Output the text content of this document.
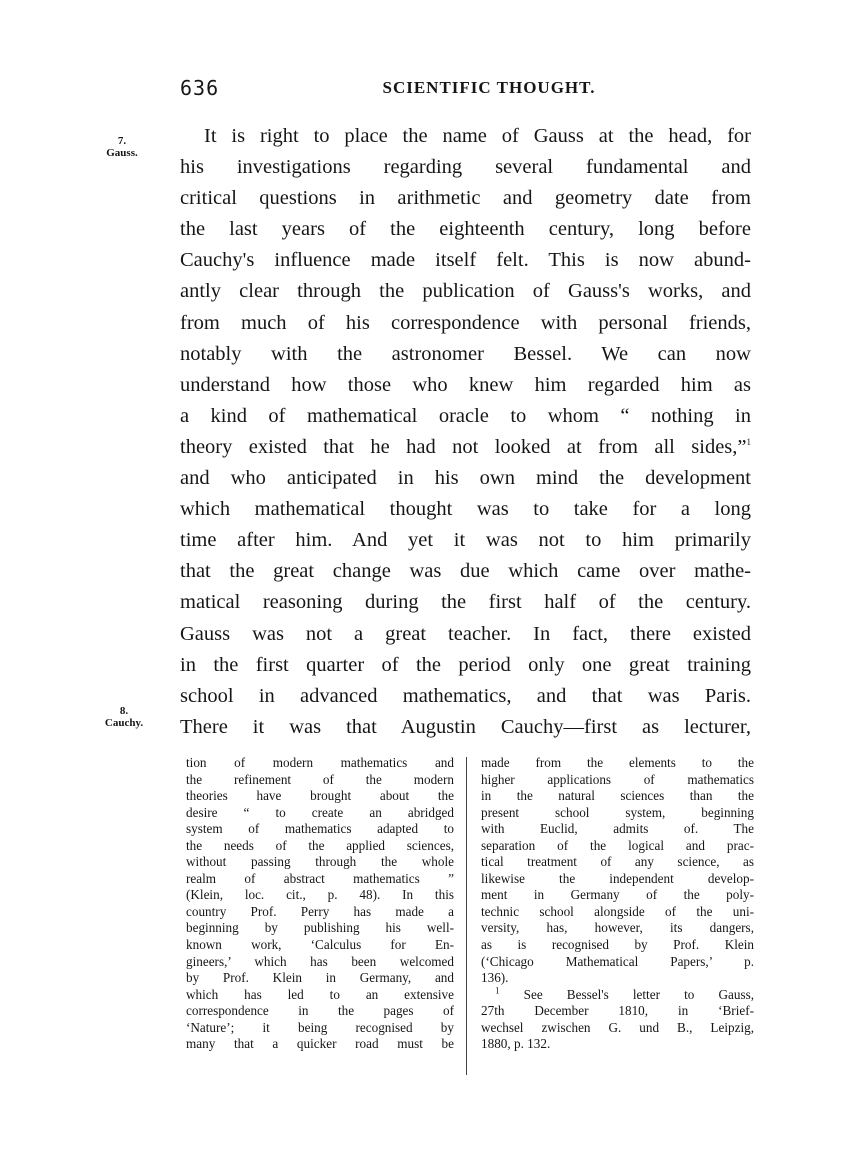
636	SCIENTIFIC THOUGHT.
7.
Gauss.
8.
Cauchy.
It is right to place the name of Gauss at the head, for
his investigations regarding several fundamental and
critical questions in arithmetic and geometry date from
the last years of the eighteenth century, long before
Cauchy's influence made itself felt. This is now abund-
antly clear through the publication of Gauss's works, and
from much of his correspondence with personal friends,
notably with the astronomer Bessel. We can now
understand how those who knew him regarded him as
a kind of mathematical oracle to whom “ nothing in
theory existed that he had not looked at from all sides,”$^1$
and who anticipated in his own mind the development
which mathematical thought was to take for a long
time after him. And yet it was not to him primarily
that the great change was due which came over mathe-
matical reasoning during the first half of the century.
Gauss was not a great teacher. In fact, there existed
in the first quarter of the period only one great training
school in advanced mathematics, and that was Paris.
There it was that Augustin Cauchy—first as lecturer,
tion of modern mathematics and
the refinement of the modern
theories have brought about the
desire “ to create an abridged
system of mathematics adapted to
the needs of the applied sciences,
without passing through the whole
realm of abstract mathematics ”
(Klein, loc. cit., p. 48). In this
country Prof. Perry has made a
beginning by publishing his well-
known work, ‘Calculus for En-
gineers,’ which has been welcomed
by Prof. Klein in Germany, and
which has led to an extensive
correspondence in the pages of
‘Nature’; it being recognised by
many that a quicker road must be
made from the elements to the
higher applications of mathematics
in the natural sciences than the
present school system, beginning
with Euclid, admits of. The
separation of the logical and prac-
tical treatment of any science, as
likewise the independent develop-
ment in Germany of the poly-
technic school alongside of the uni-
versity, has, however, its dangers,
as is recognised by Prof. Klein
(‘Chicago Mathematical Papers,’ p.
136).
$^1$ See Bessel's letter to Gauss,
27th December 1810, in ‘Brief-
wechsel zwischen G. und B., Leipzig,
1880, p. 132.
